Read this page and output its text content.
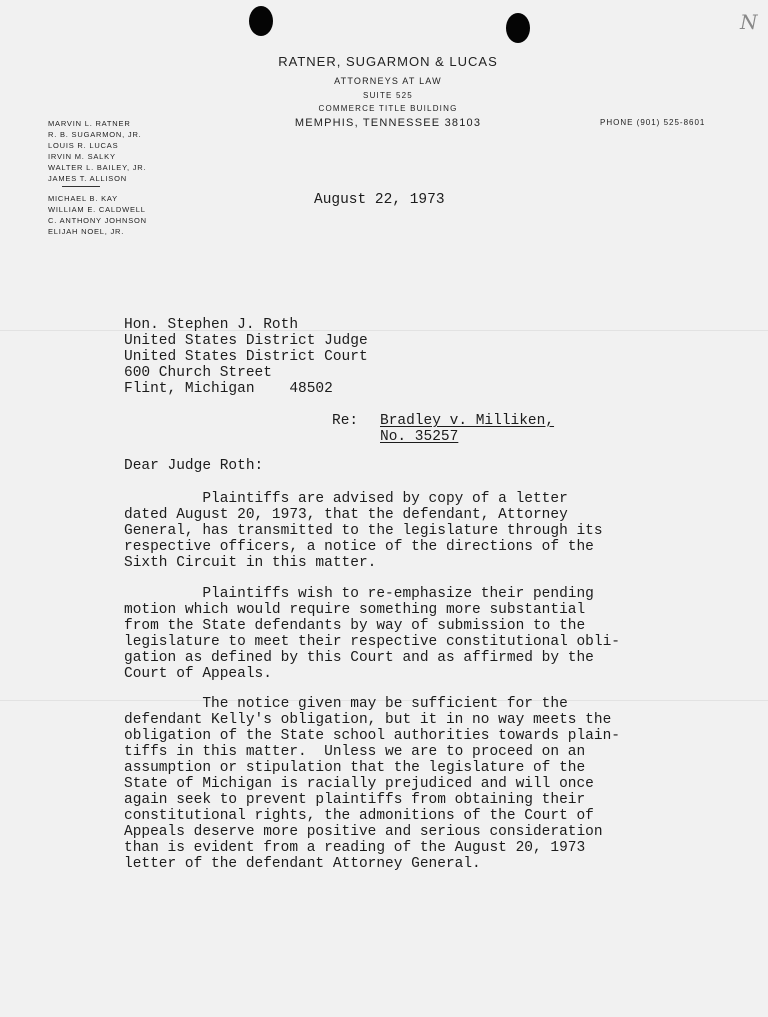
N
RATNER, SUGARMON & LUCAS
ATTORNEYS AT LAW
SUITE 525
COMMERCE TITLE BUILDING
MEMPHIS, TENNESSEE 38103	PHONE (901) 525-8601
MARVIN L. RATNER
R. B. SUGARMON, JR.
LOUIS R. LUCAS
IRVIN M. SALKY
WALTER L. BAILEY, JR.
JAMES T. ALLISON
MICHAEL B. KAY
WILLIAM E. CALDWELL
C. ANTHONY JOHNSON
ELIJAH NOEL, JR.
August 22, 1973
Hon. Stephen J. Roth
United States District Judge
United States District Court
600 Church Street
Flint, Michigan    48502
Re: Bradley v. Milliken,
No. 35257
Dear Judge Roth:
Plaintiffs are advised by copy of a letter
dated August 20, 1973, that the defendant, Attorney
General, has transmitted to the legislature through its
respective officers, a notice of the directions of the
Sixth Circuit in this matter.
Plaintiffs wish to re-emphasize their pending
motion which would require something more substantial
from the State defendants by way of submission to the
legislature to meet their respective constitutional obli-
gation as defined by this Court and as affirmed by the
Court of Appeals.
The notice given may be sufficient for the
defendant Kelly's obligation, but it in no way meets the
obligation of the State school authorities towards plain-
tiffs in this matter.  Unless we are to proceed on an
assumption or stipulation that the legislature of the
State of Michigan is racially prejudiced and will once
again seek to prevent plaintiffs from obtaining their
constitutional rights, the admonitions of the Court of
Appeals deserve more positive and serious consideration
than is evident from a reading of the August 20, 1973
letter of the defendant Attorney General.
